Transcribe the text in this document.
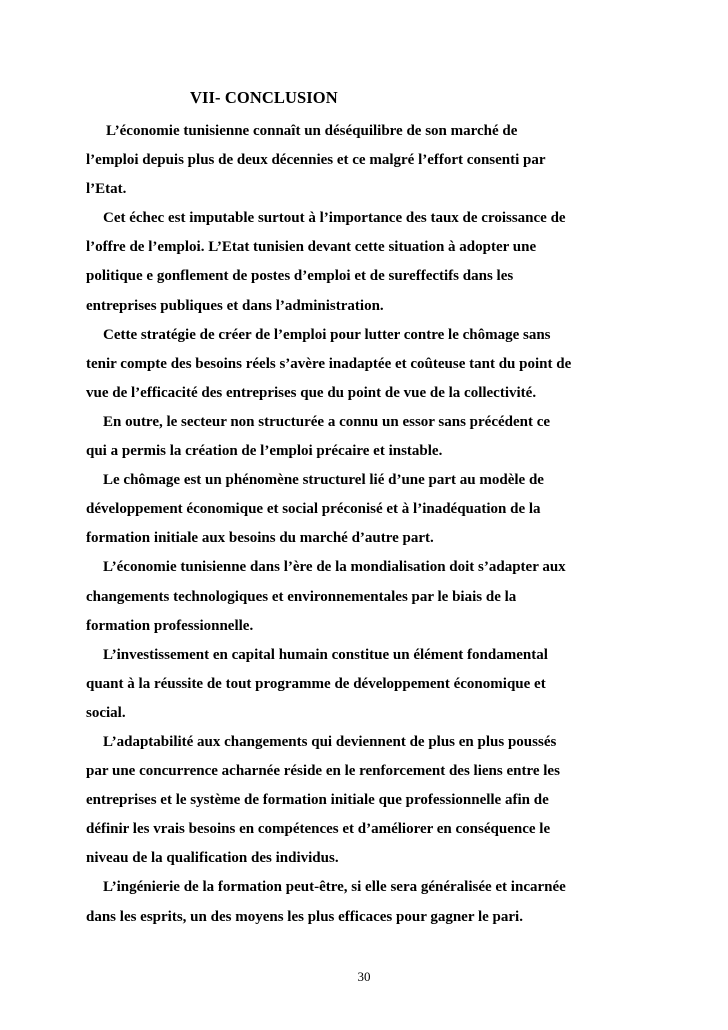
VII- CONCLUSION
L’économie tunisienne connaît un déséquilibre de son marché de
l’emploi depuis plus de deux décennies et ce malgré l’effort consenti par
l’Etat.
Cet échec est imputable surtout à l’importance des taux de croissance de
l’offre de l’emploi. L’Etat tunisien devant cette situation à adopter une
politique e gonflement de postes d’emploi et de sureffectifs dans les
entreprises publiques et dans l’administration.
Cette stratégie de créer de l’emploi pour lutter contre le chômage sans
tenir compte des besoins réels s’avère inadaptée et coûteuse tant du point de
vue de l’efficacité des entreprises que du point de vue de la collectivité.
En outre, le secteur non structurée a connu un essor sans précédent ce
qui a permis la création de l’emploi précaire et instable.
Le chômage est un phénomène structurel lié d’une part au modèle de
développement économique et social préconisé et à l’inadéquation de la
formation initiale aux besoins du marché d’autre part.
L’économie tunisienne dans l’ère de la mondialisation doit s’adapter aux
changements technologiques et environnementales par le biais de la
formation professionnelle.
L’investissement en capital humain constitue un élément fondamental
quant à la réussite de tout programme de développement économique et
social.
L’adaptabilité aux changements qui deviennent de plus en plus poussés
par une concurrence acharnée réside en le renforcement des liens entre les
entreprises et le système de formation initiale que professionnelle afin de
définir les vrais besoins en compétences et d’améliorer en conséquence le
niveau de la qualification des individus.
L’ingénierie de la formation peut-être, si elle sera généralisée et incarnée
dans les esprits, un des moyens les plus efficaces pour gagner le pari.
30
